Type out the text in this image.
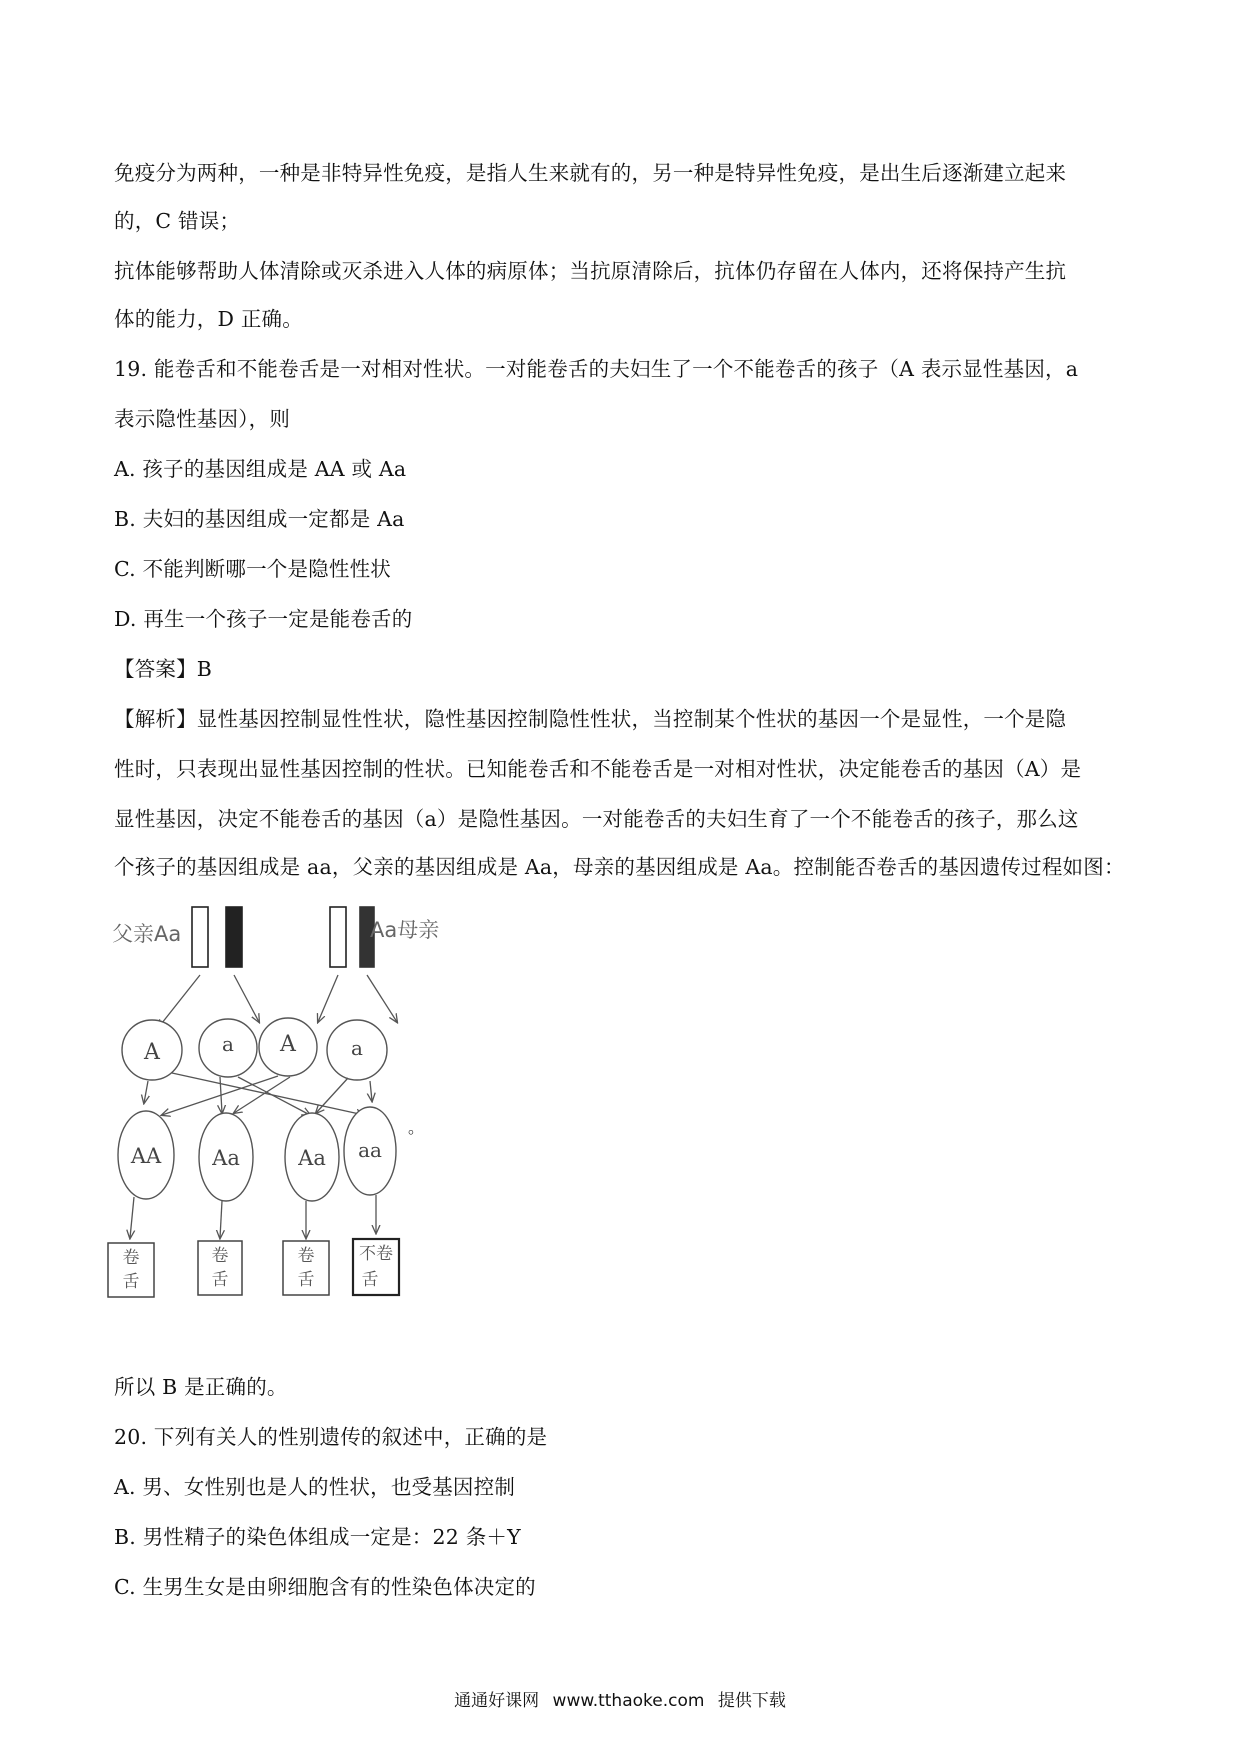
免疫分为两种，一种是非特异性免疫，是指人生来就有的，另一种是特异性免疫，是出生后逐渐建立起来
的，C 错误；
抗体能够帮助人体清除或灭杀进入人体的病原体；当抗原清除后，抗体仍存留在人体内，还将保持产生抗
体的能力，D 正确。
19. 能卷舌和不能卷舌是一对相对性状。一对能卷舌的夫妇生了一个不能卷舌的孩子（A 表示显性基因，a
表示隐性基因），则
A. 孩子的基因组成是 AA 或 Aa
B. 夫妇的基因组成一定都是 Aa
C. 不能判断哪一个是隐性性状
D. 再生一个孩子一定是能卷舌的
【答案】B
【解析】显性基因控制显性性状，隐性基因控制隐性性状，当控制某个性状的基因一个是显性，一个是隐
性时，只表现出显性基因控制的性状。已知能卷舌和不能卷舌是一对相对性状，决定能卷舌的基因（A）是
显性基因，决定不能卷舌的基因（a）是隐性基因。一对能卷舌的夫妇生育了一个不能卷舌的孩子，那么这
个孩子的基因组成是 aa，父亲的基因组成是 Aa，母亲的基因组成是 Aa。控制能否卷舌的基因遗传过程如图：
父亲Aa	Aa母亲
A	a A	a
AA Aa	Aa aa
卷
舌
卷
舌
卷
舌
不卷
舌
。
所以 B 是正确的。
20. 下列有关人的性别遗传的叙述中，正确的是
A. 男、女性别也是人的性状，也受基因控制
B. 男性精子的染色体组成一定是：22 条＋Y
C. 生男生女是由卵细胞含有的性染色体决定的
通通好课网 www.tthaoke.com 提供下载
